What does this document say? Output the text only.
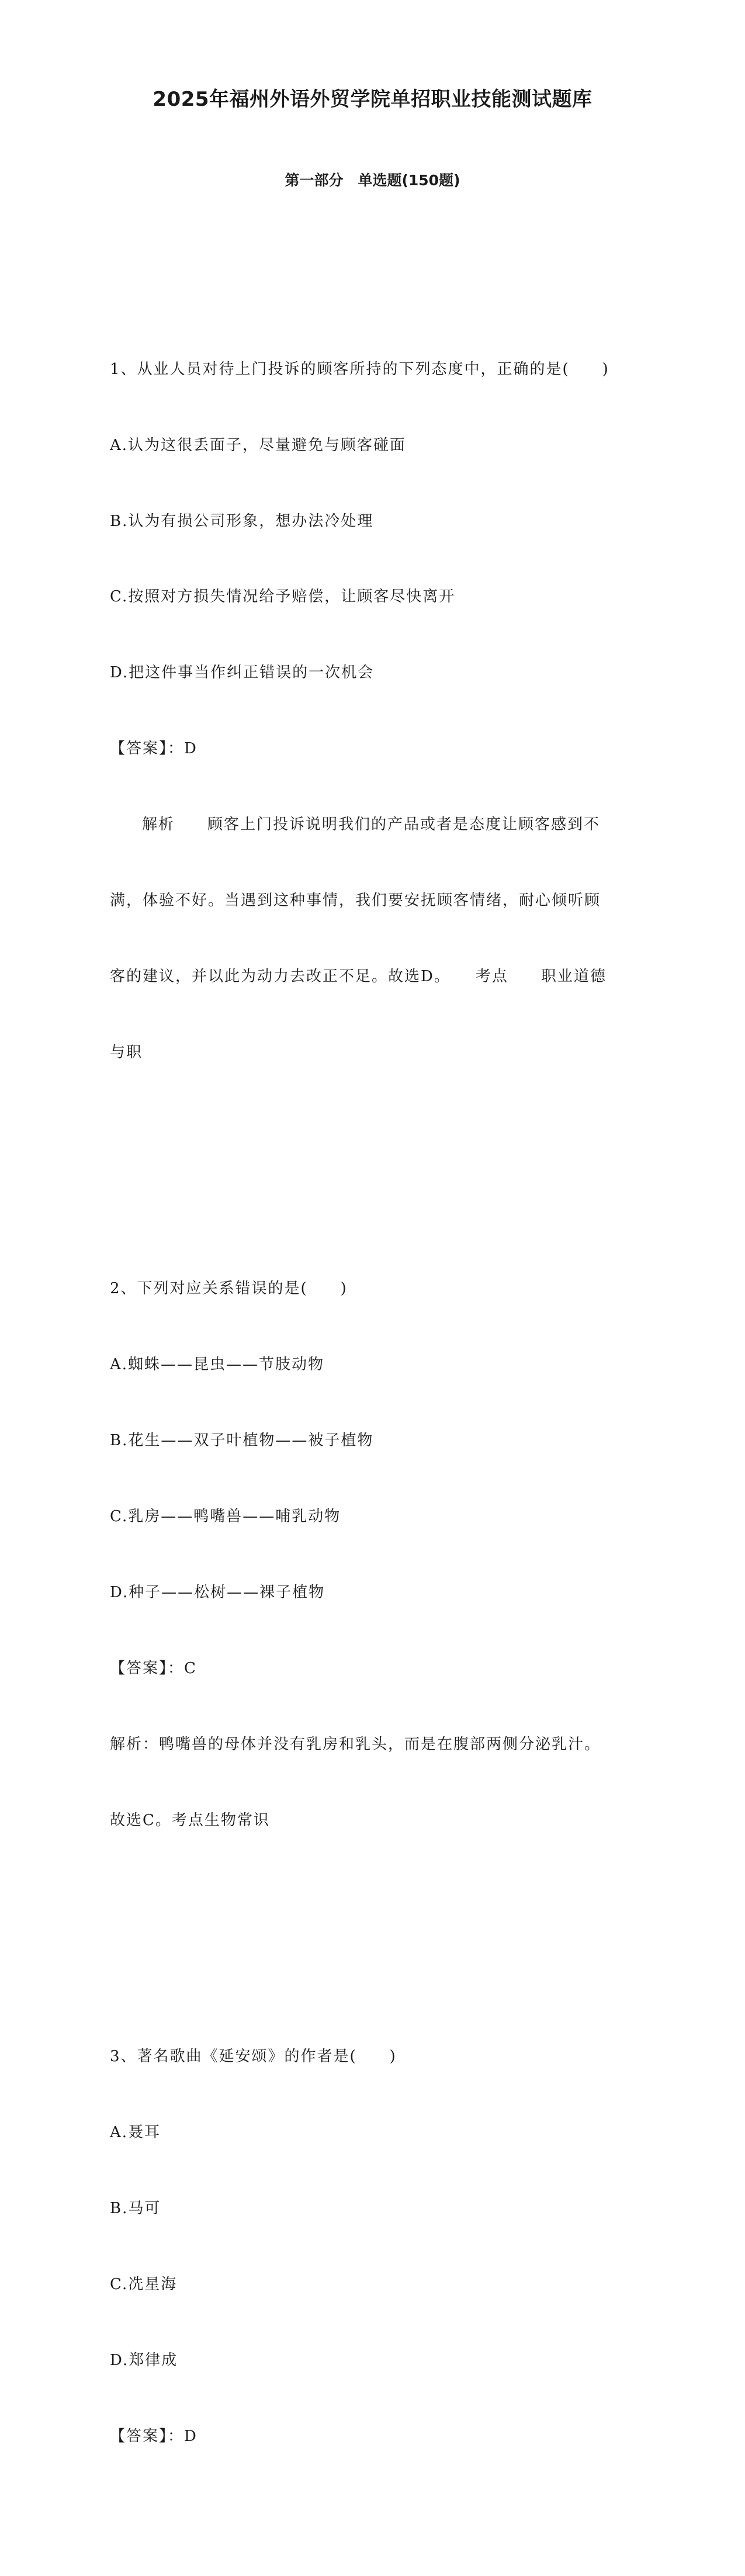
2025年福州外语外贸学院单招职业技能测试题库
第一部分　单选题(150题)

1、从业人员对待上门投诉的顾客所持的下列态度中，正确的是(　　)

A.认为这很丢面子，尽量避免与顾客碰面

B.认为有损公司形象，想办法冷处理

C.按照对方损失情况给予赔偿，让顾客尽快离开

D.把这件事当作纠正错误的一次机会

【答案】：D

解析　　顾客上门投诉说明我们的产品或者是态度让顾客感到不

满，体验不好。当遇到这种事情，我们要安抚顾客情绪，耐心倾听顾

客的建议，并以此为动力去改正不足。故选D。　　考点　　职业道德

与职

2、下列对应关系错误的是(　　)

A.蜘蛛——昆虫——节肢动物

B.花生——双子叶植物——被子植物

C.乳房——鸭嘴兽——哺乳动物

D.种子——松树——裸子植物

【答案】：C

解析：鸭嘴兽的母体并没有乳房和乳头，而是在腹部两侧分泌乳汁。

故选C。考点生物常识

3、著名歌曲《延安颂》的作者是(　　)

A.聂耳

B.马可

C.冼星海

D.郑律成

【答案】：D
